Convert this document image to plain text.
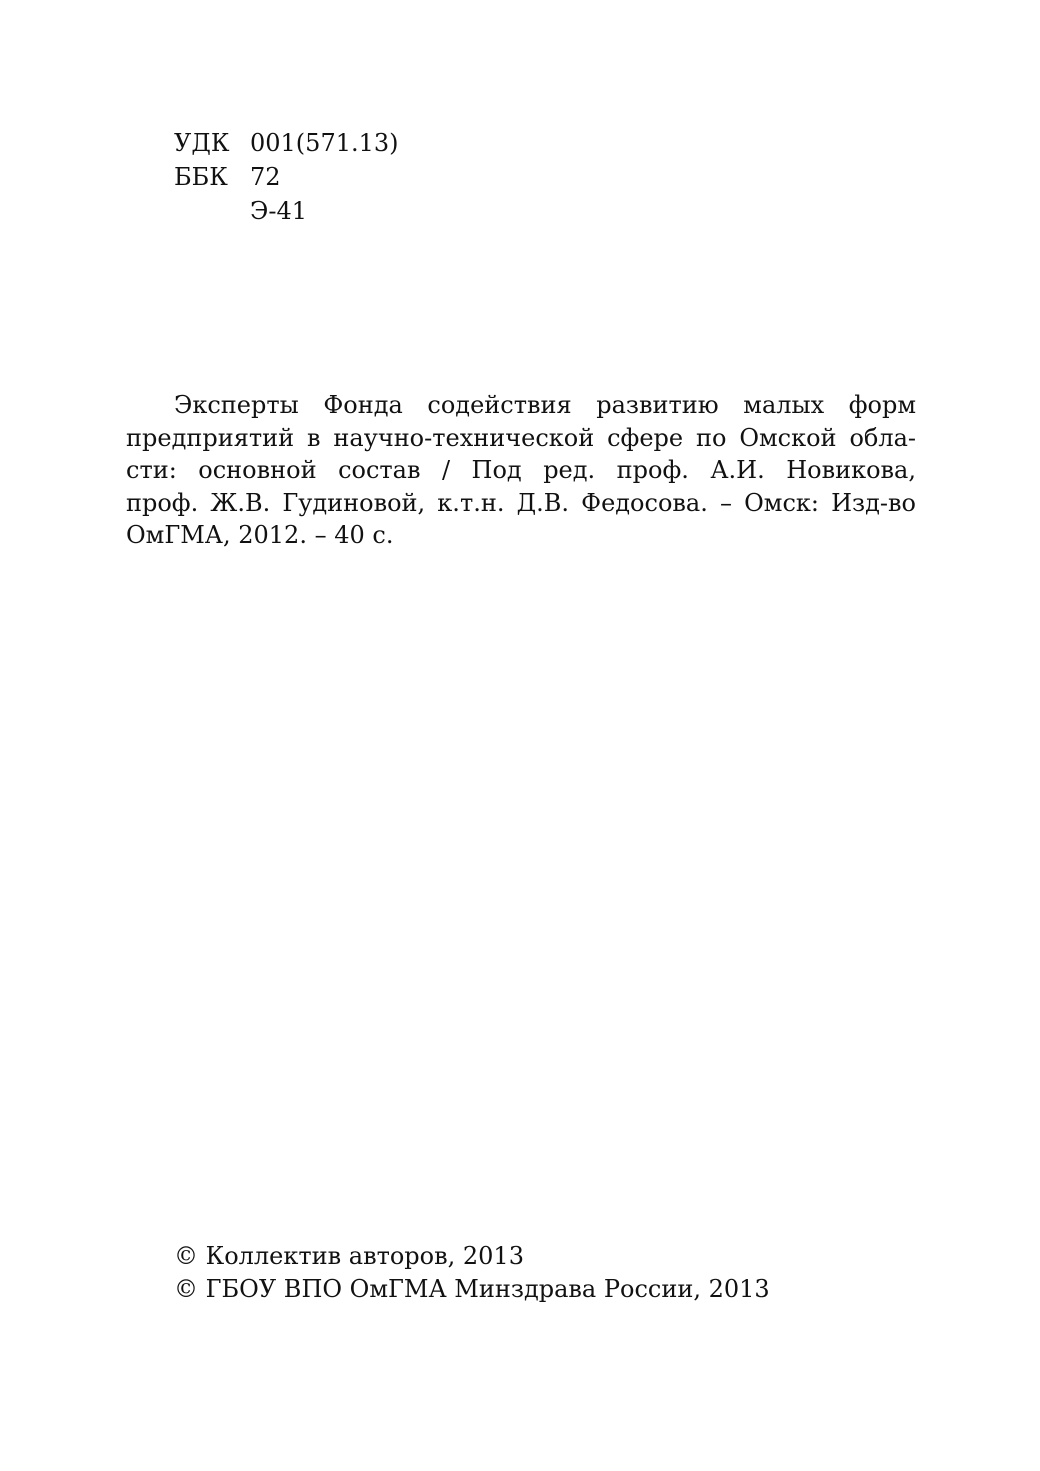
УДК 001(571.13)
ББК 72
Э-41

Эксперты Фонда содействия развитию малых форм
предприятий в научно-технической сфере по Омской обла-
сти: основной состав / Под ред. проф. А.И. Новикова,
проф. Ж.В. Гудиновой, к.т.н. Д.В. Федосова. – Омск: Изд-во
ОмГМА, 2012. – 40 с.

© Коллектив авторов, 2013
© ГБОУ ВПО ОмГМА Минздрава России, 2013
